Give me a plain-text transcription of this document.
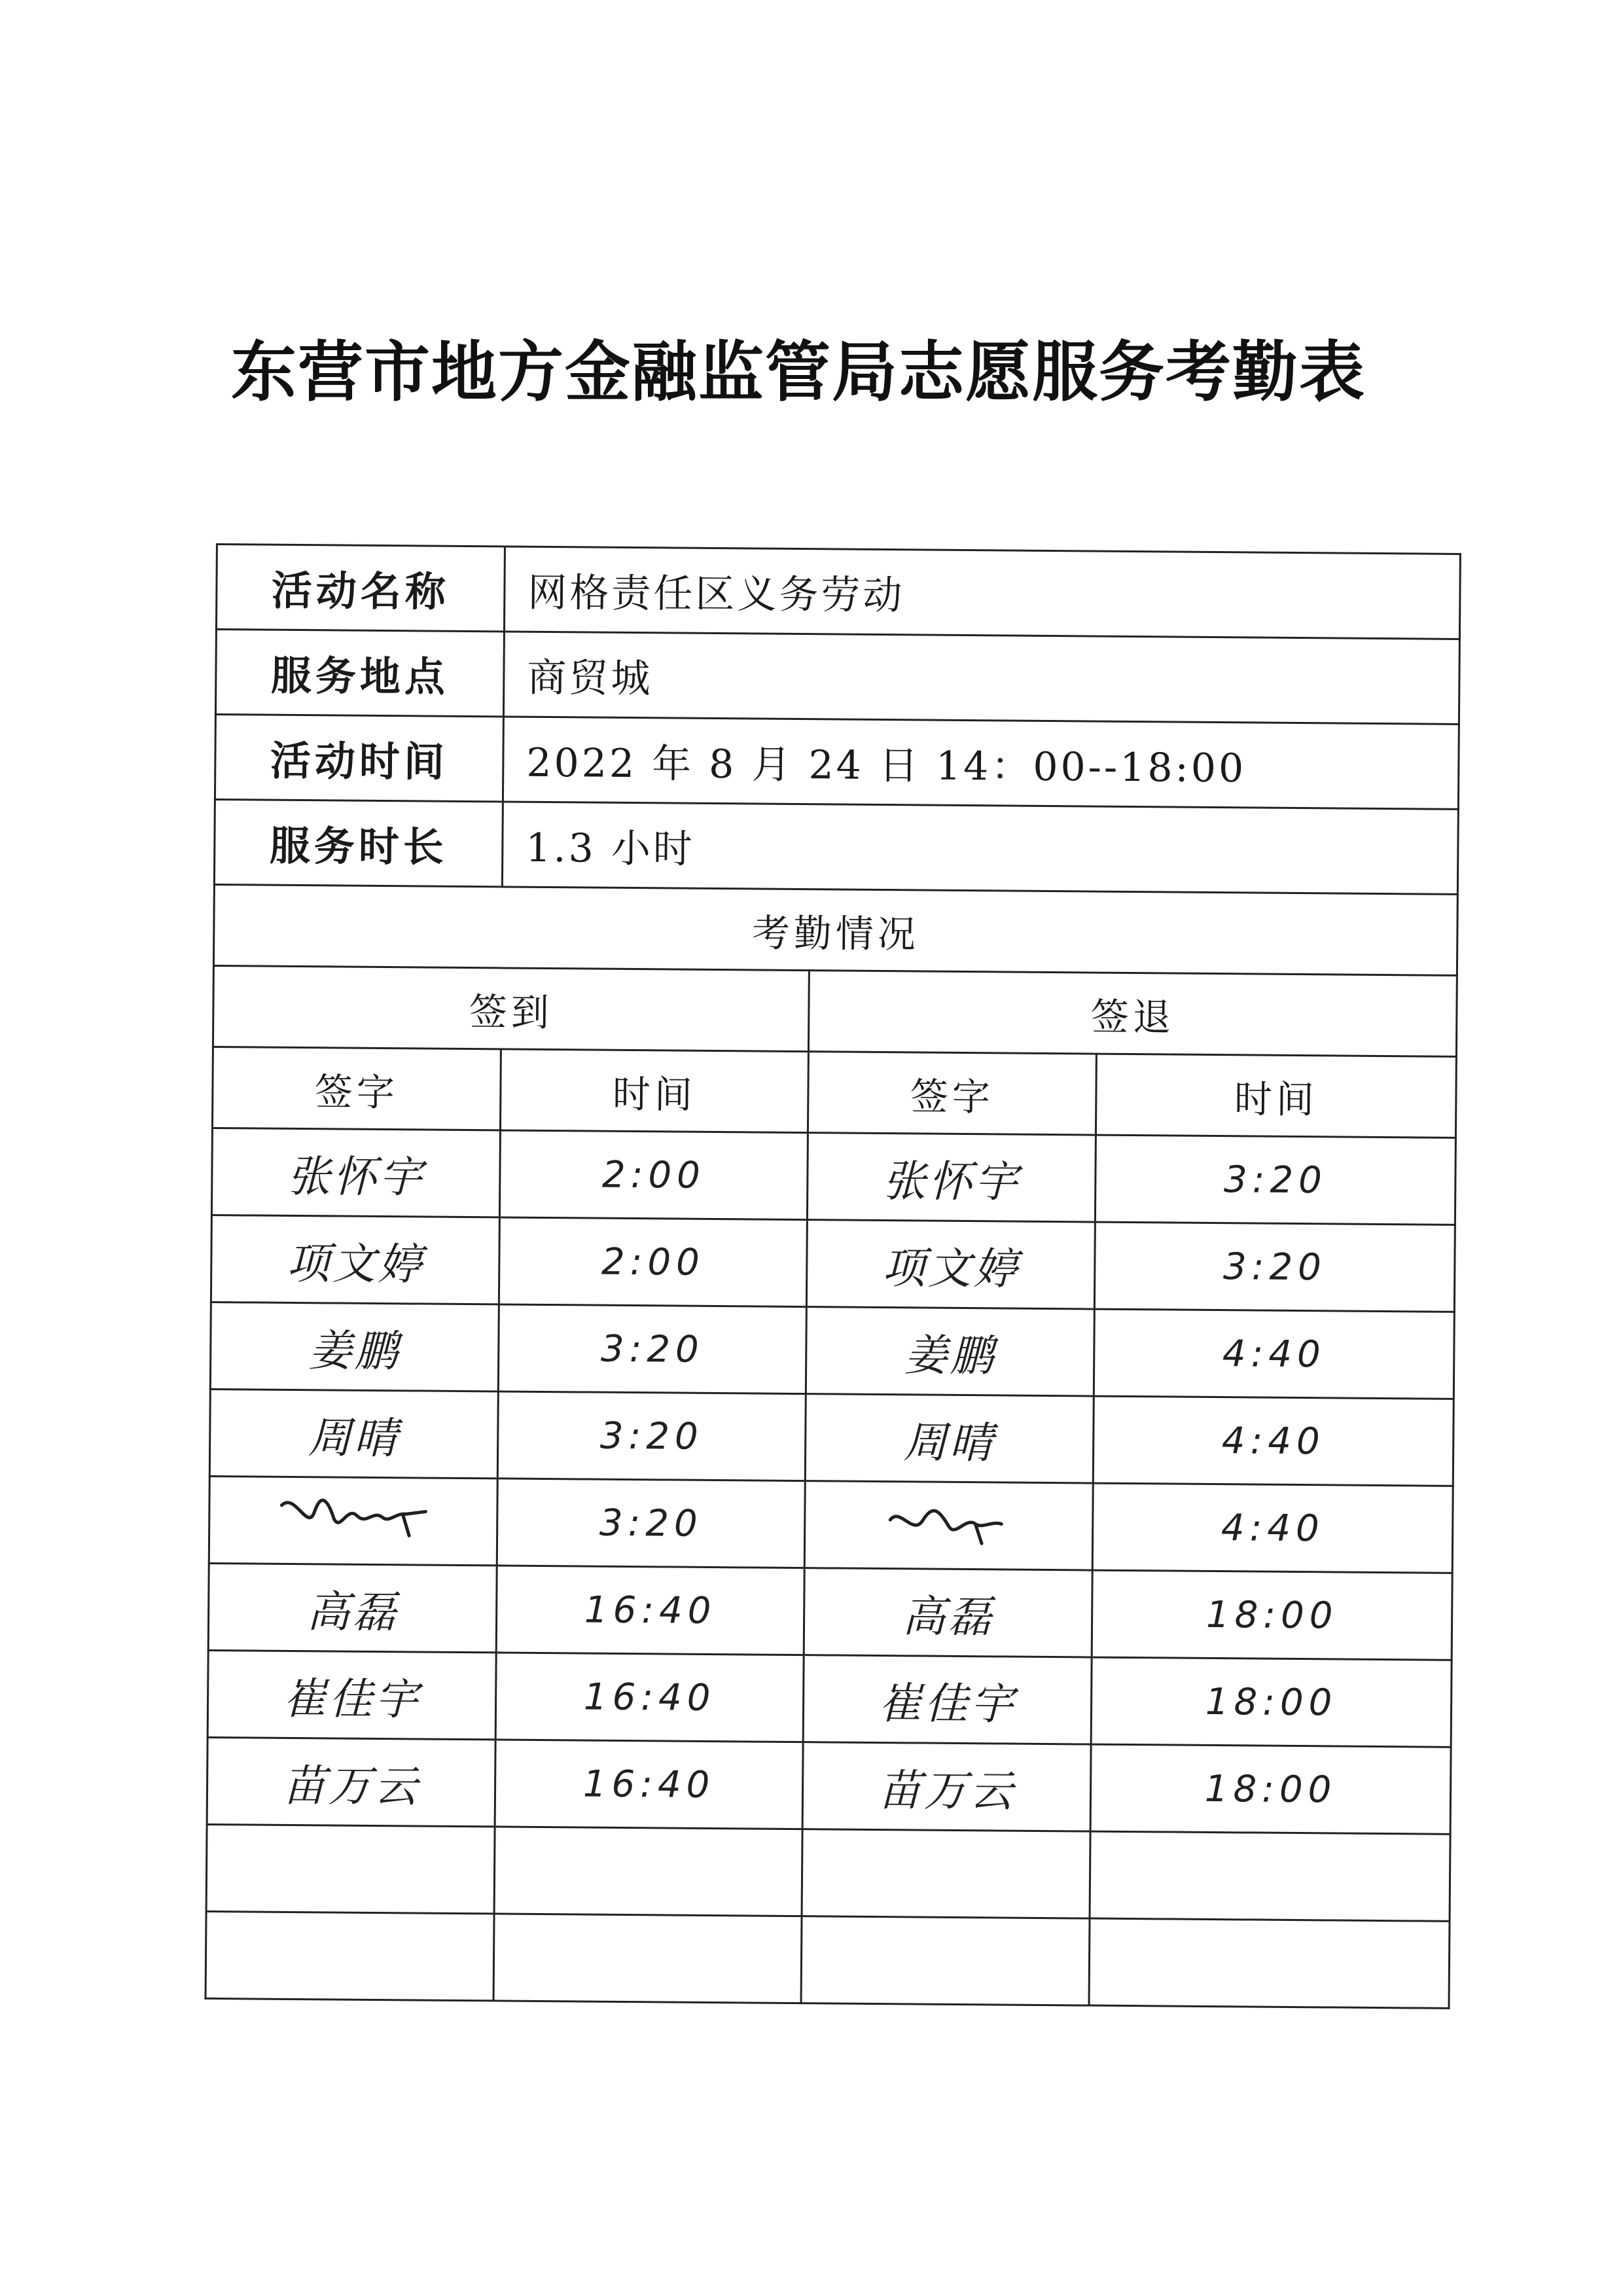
东营市地方金融监管局志愿服务考勤表
活动名称	网格责任区义务劳动		
服务地点	商贸城		
活动时间	2022 年 8 月 24 日 14：00--18:00		
服务时长	1.3 小时		
考勤情况			
签到		签退	
签字	时间	签字	时间
张怀宇	2:00	张怀宇	3:20
项文婷	2:00	项文婷	3:20
姜鹏	3:20	姜鹏	4:40
周晴	3:20	周晴	4:40
	3:20		4:40
高磊	16:40	高磊	18:00
崔佳宇	16:40	崔佳宇	18:00
苗万云	16:40	苗万云	18:00
